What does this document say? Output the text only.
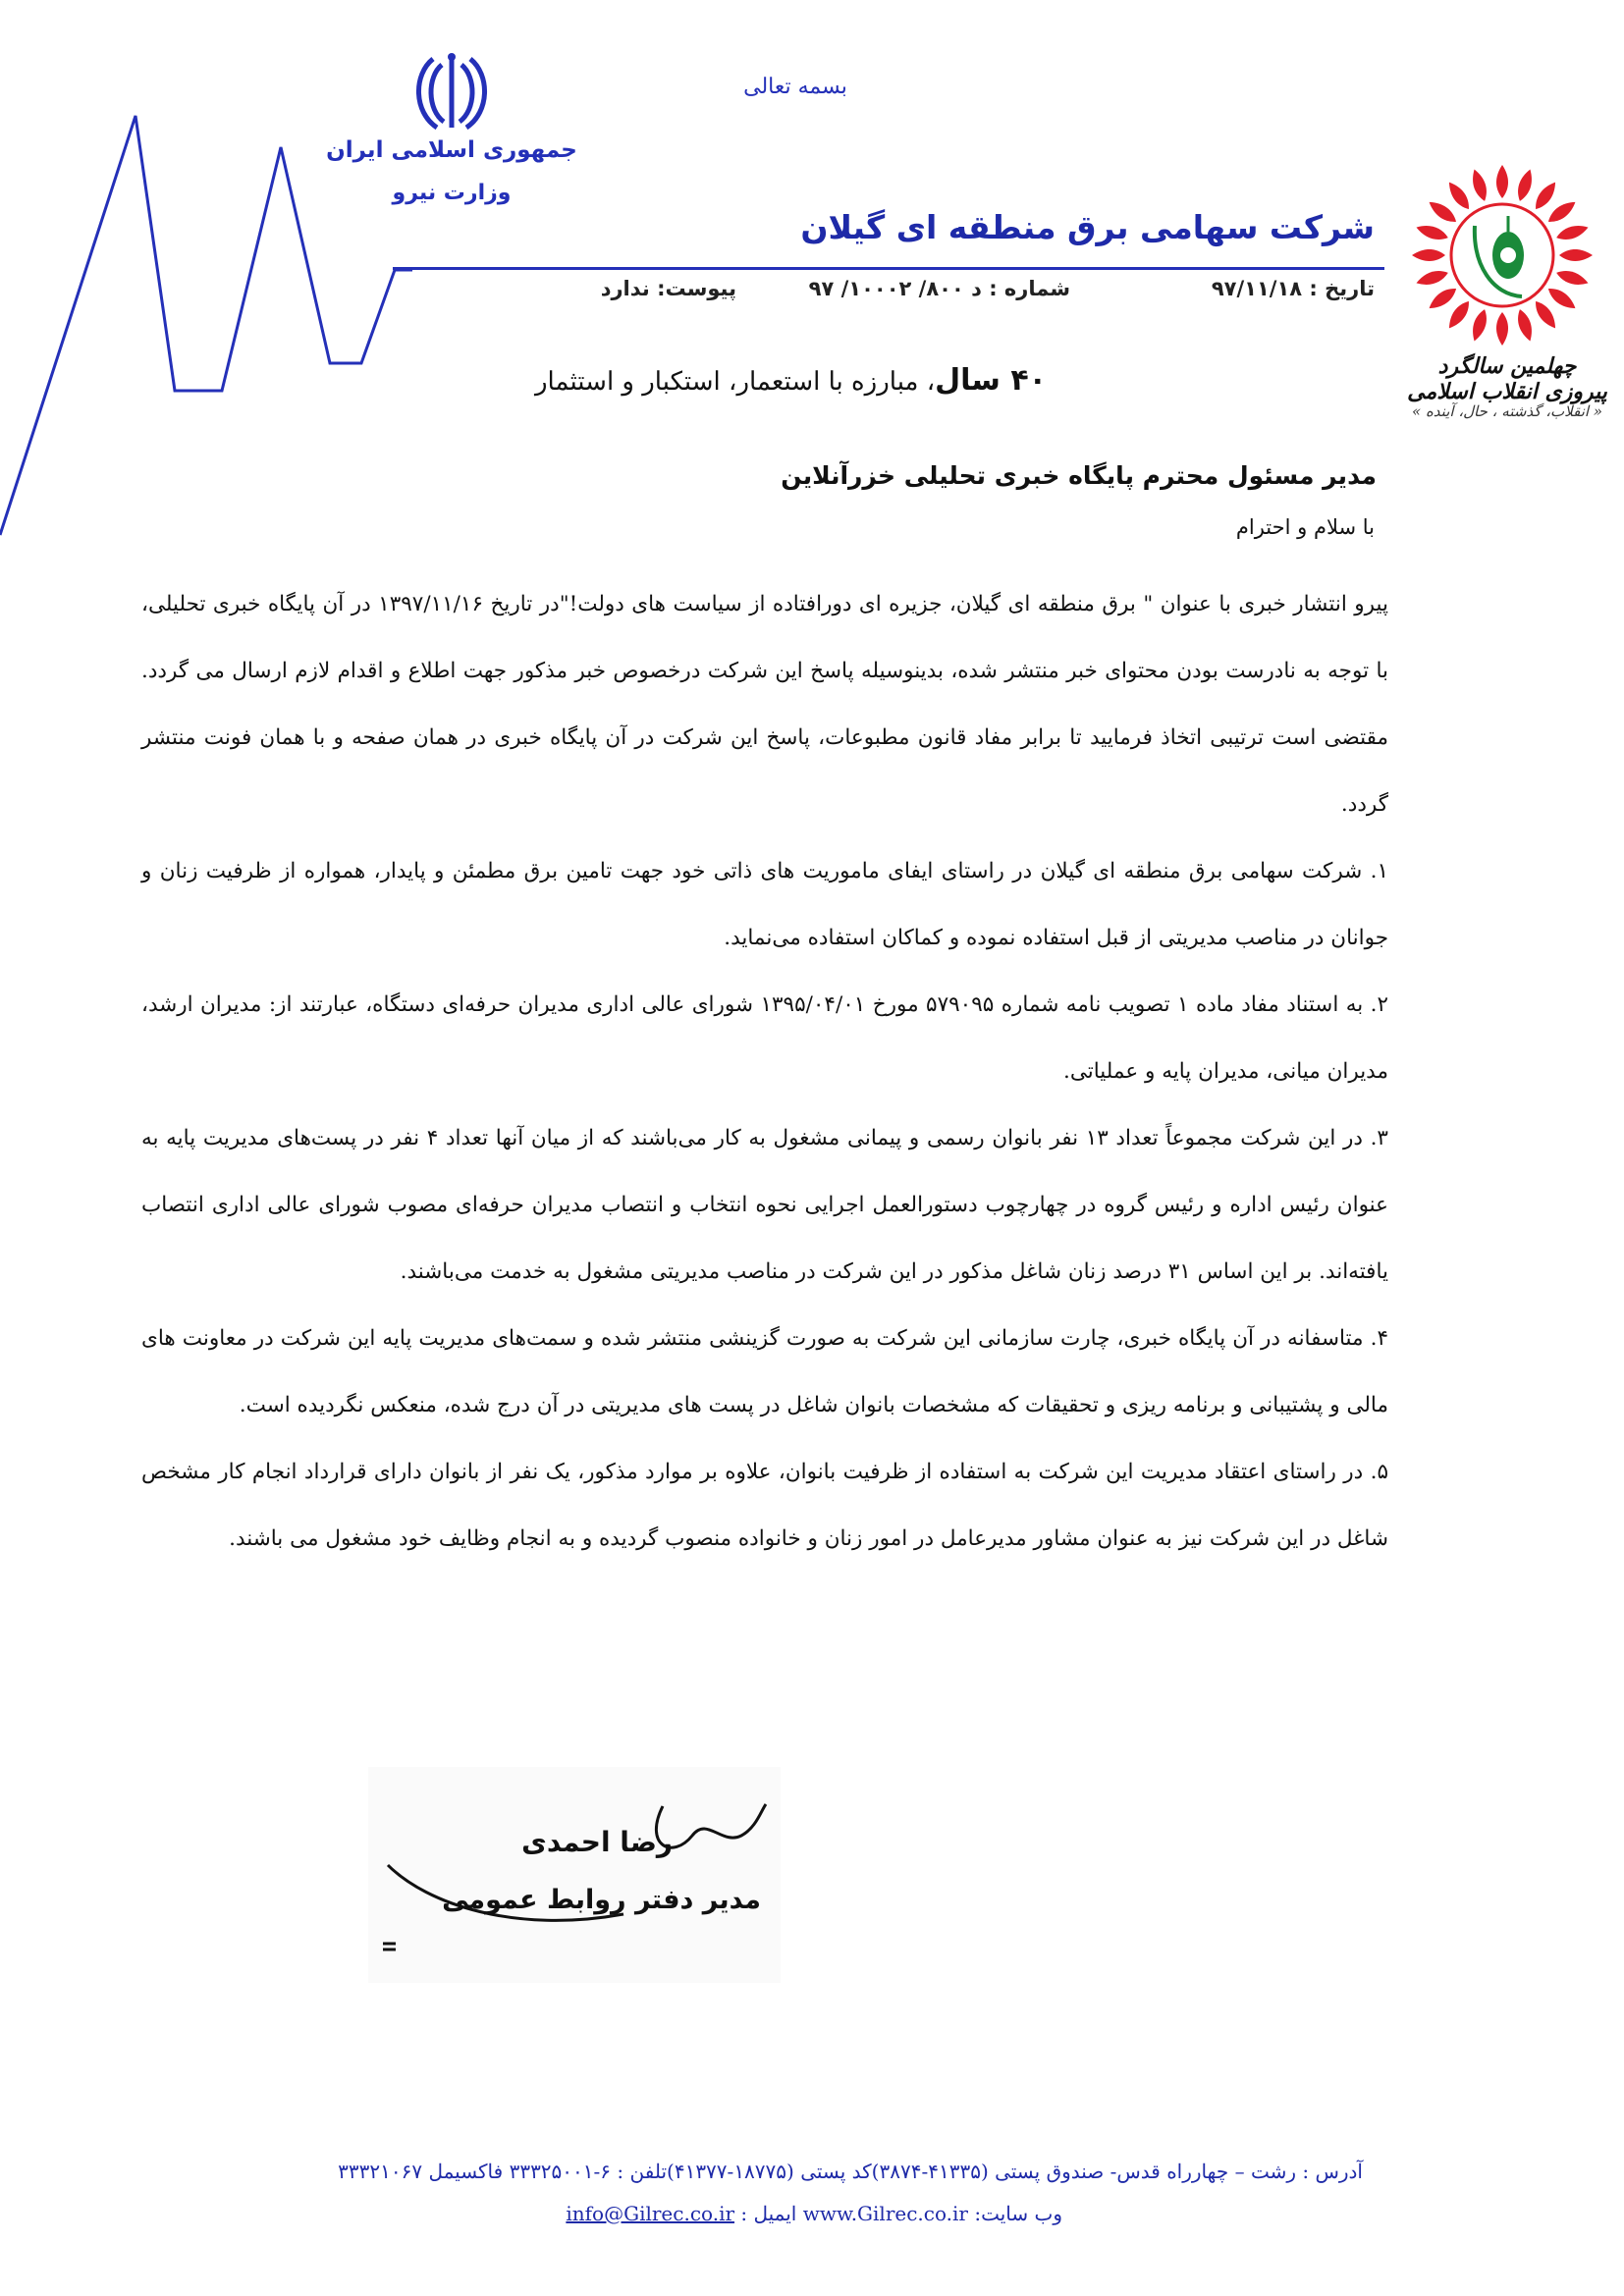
جمهوری اسلامی ایران
وزارت نیرو
بسمه تعالی
شرکت سهامی برق منطقه ای گیلان
تاریخ : ۹۷/۱۱/۱۸
شماره : د ۸۰۰/ ۱۰۰۰۲/ ۹۷
پیوست: ندارد
چهلمین سالگرد پیروزی انقلاب اسلامی
« انقلاب، گذشته ، حال، آینده »
۴۰ سال، مبارزه با استعمار، استکبار و استثمار
مدیر مسئول محترم پایگاه خبری تحلیلی خزرآنلاین
با سلام و احترام

پیرو انتشار خبری با عنوان " برق منطقه ای گیلان، جزیره ای دورافتاده از سیاست های دولت!"در تاریخ ۱۳۹۷/۱۱/۱۶ در آن پایگاه خبری تحلیلی، با توجه به نادرست بودن محتوای خبر منتشر شده، بدینوسیله پاسخ این شرکت درخصوص خبر مذکور جهت اطلاع و اقدام لازم ارسال می گردد. مقتضی است ترتیبی اتخاذ فرمایید تا برابر مفاد قانون مطبوعات، پاسخ این شرکت در آن پایگاه خبری در همان صفحه و با همان فونت منتشر گردد.

۱. شرکت سهامی برق منطقه ای گیلان در راستای ایفای ماموریت های ذاتی خود جهت تامین برق مطمئن و پایدار، همواره از ظرفیت زنان و جوانان در مناصب مدیریتی از قبل استفاده نموده و کماکان استفاده می‌نماید.

۲. به استناد مفاد ماده ۱ تصویب نامه شماره ۵۷۹۰۹۵ مورخ ۱۳۹۵/۰۴/۰۱ شورای عالی اداری مدیران حرفه‌ای دستگاه، عبارتند از: مدیران ارشد، مدیران میانی، مدیران پایه و عملیاتی.

۳. در این شرکت مجموعاً تعداد ۱۳ نفر بانوان رسمی و پیمانی مشغول به کار می‌باشند که از میان آنها تعداد ۴ نفر در پست‌های مدیریت پایه به عنوان رئیس اداره و رئیس گروه در چهارچوب دستورالعمل اجرایی نحوه انتخاب و انتصاب مدیران حرفه‌ای مصوب شورای عالی اداری انتصاب یافته‌اند. بر این اساس ۳۱ درصد زنان شاغل مذکور در این شرکت در مناصب مدیریتی مشغول به خدمت می‌باشند.

۴. متاسفانه در آن پایگاه خبری، چارت سازمانی این شرکت به صورت گزینشی منتشر شده و سمت‌های مدیریت پایه این شرکت در معاونت های مالی و پشتیبانی و برنامه ریزی و تحقیقات که مشخصات بانوان شاغل در پست های مدیریتی در آن درج شده، منعکس نگردیده است.

۵. در راستای اعتقاد مدیریت این شرکت به استفاده از ظرفیت بانوان، علاوه بر موارد مذکور، یک نفر از بانوان دارای قرارداد انجام کار مشخص شاغل در این شرکت نیز به عنوان مشاور مدیرعامل در امور زنان و خانواده منصوب گردیده و به انجام وظایف خود مشغول می باشند.

رضا احمدی
مدیر دفتر روابط عمومی
آدرس : رشت – چهارراه قدس- صندوق پستی (۴۱۳۳۵-۳۸۷۴)کد پستی (۱۸۷۷۵-۴۱۳۷۷)تلفن : ۶-۳۳۳۲۵۰۰۱ فاکسیمل ۳۳۳۲۱۰۶۷
وب سایت: www.Gilrec.co.ir ایمیل : info@Gilrec.co.ir
